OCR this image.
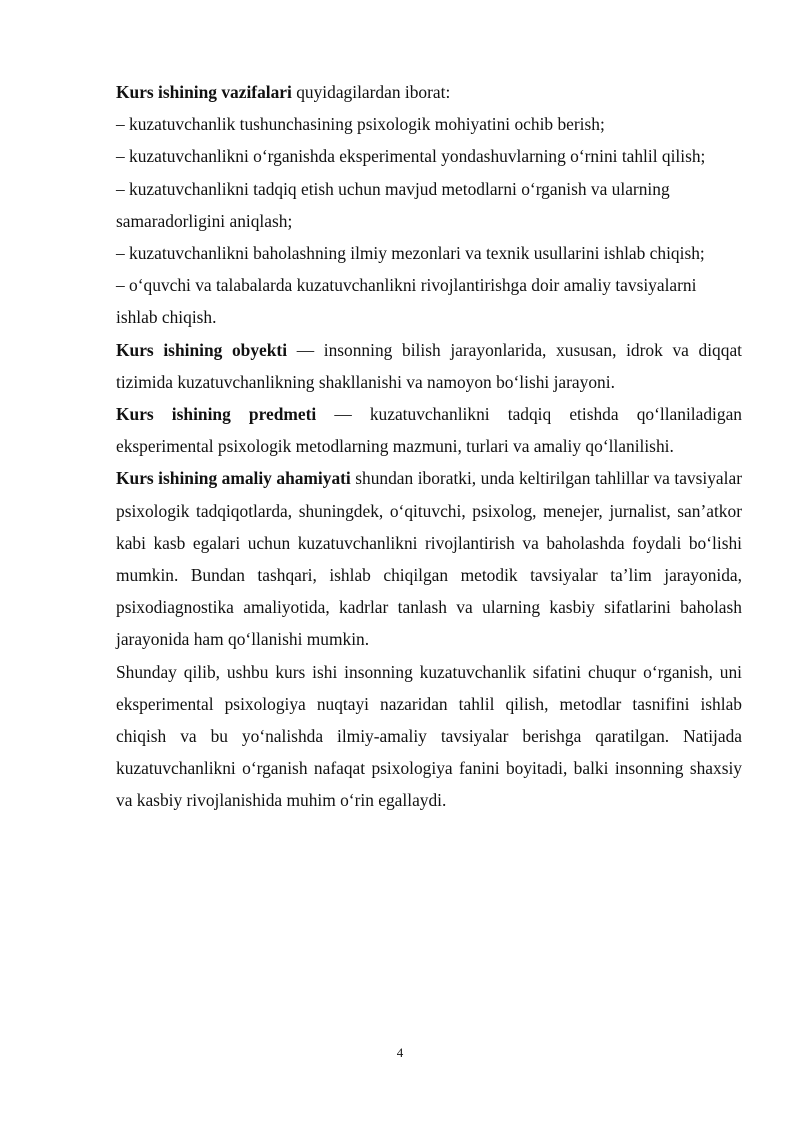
Kurs ishining vazifalari quyidagilardan iborat:

– kuzatuvchanlik tushunchasining psixologik mohiyatini ochib berish;

– kuzatuvchanlikni o‘rganishda eksperimental yondashuvlarning o‘rnini tahlil qilish;

– kuzatuvchanlikni tadqiq etish uchun mavjud metodlarni o‘rganish va ularning samaradorligini aniqlash;

– kuzatuvchanlikni baholashning ilmiy mezonlari va texnik usullarini ishlab chiqish;

– o‘quvchi va talabalarda kuzatuvchanlikni rivojlantirishga doir amaliy tavsiyalarni ishlab chiqish.

Kurs ishining obyekti — insonning bilish jarayonlarida, xususan, idrok va diqqat tizimida kuzatuvchanlikning shakllanishi va namoyon bo‘lishi jarayoni.

Kurs ishining predmeti — kuzatuvchanlikni tadqiq etishda qo‘llaniladigan eksperimental psixologik metodlarning mazmuni, turlari va amaliy qo‘llanilishi.

Kurs ishining amaliy ahamiyati shundan iboratki, unda keltirilgan tahlillar va tavsiyalar psixologik tadqiqotlarda, shuningdek, o‘qituvchi, psixolog, menejer, jurnalist, san’atkor kabi kasb egalari uchun kuzatuvchanlikni rivojlantirish va baholashda foydali bo‘lishi mumkin. Bundan tashqari, ishlab chiqilgan metodik tavsiyalar ta’lim jarayonida, psixodiagnostika amaliyotida, kadrlar tanlash va ularning kasbiy sifatlarini baholash jarayonida ham qo‘llanishi mumkin.

Shunday qilib, ushbu kurs ishi insonning kuzatuvchanlik sifatini chuqur o‘rganish, uni eksperimental psixologiya nuqtayi nazaridan tahlil qilish, metodlar tasnifini ishlab chiqish va bu yo‘nalishda ilmiy-amaliy tavsiyalar berishga qaratilgan. Natijada kuzatuvchanlikni o‘rganish nafaqat psixologiya fanini boyitadi, balki insonning shaxsiy va kasbiy rivojlanishida muhim o‘rin egallaydi.

4
